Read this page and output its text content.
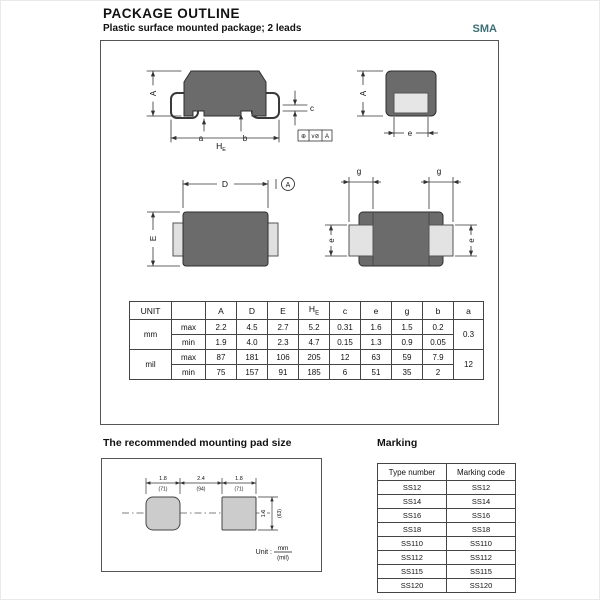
PACKAGE OUTLINE
Plastic surface mounted package; 2 leads	SMA
A
a	b
$H_E$
c
⊕ v⊘ A
A
e
D	A
E
g	g
e	e
UNIT		A	D	E	$H_E$	c	e	g	b	a
mm	max	2.2	4.5	2.7	5.2	0.31	1.6	1.5	0.2	0.3
	min	1.9	4.0	2.3	4.7	0.15	1.3	0.9	0.05	
mil	max	87	181	106	205	12	63	59	7.9	12
	min	75	157	91	185	6	51	35	2	
The recommended mounting pad size
1.8
(71)
2.4
(94)
1.8
(71)
1.6 (63)
Unit :
mm
(mil)
Marking
Type number	Marking code
SS12	SS12
SS14	SS14
SS16	SS16
SS18	SS18
SS110	SS110
SS112	SS112
SS115	SS115
SS120	SS120
